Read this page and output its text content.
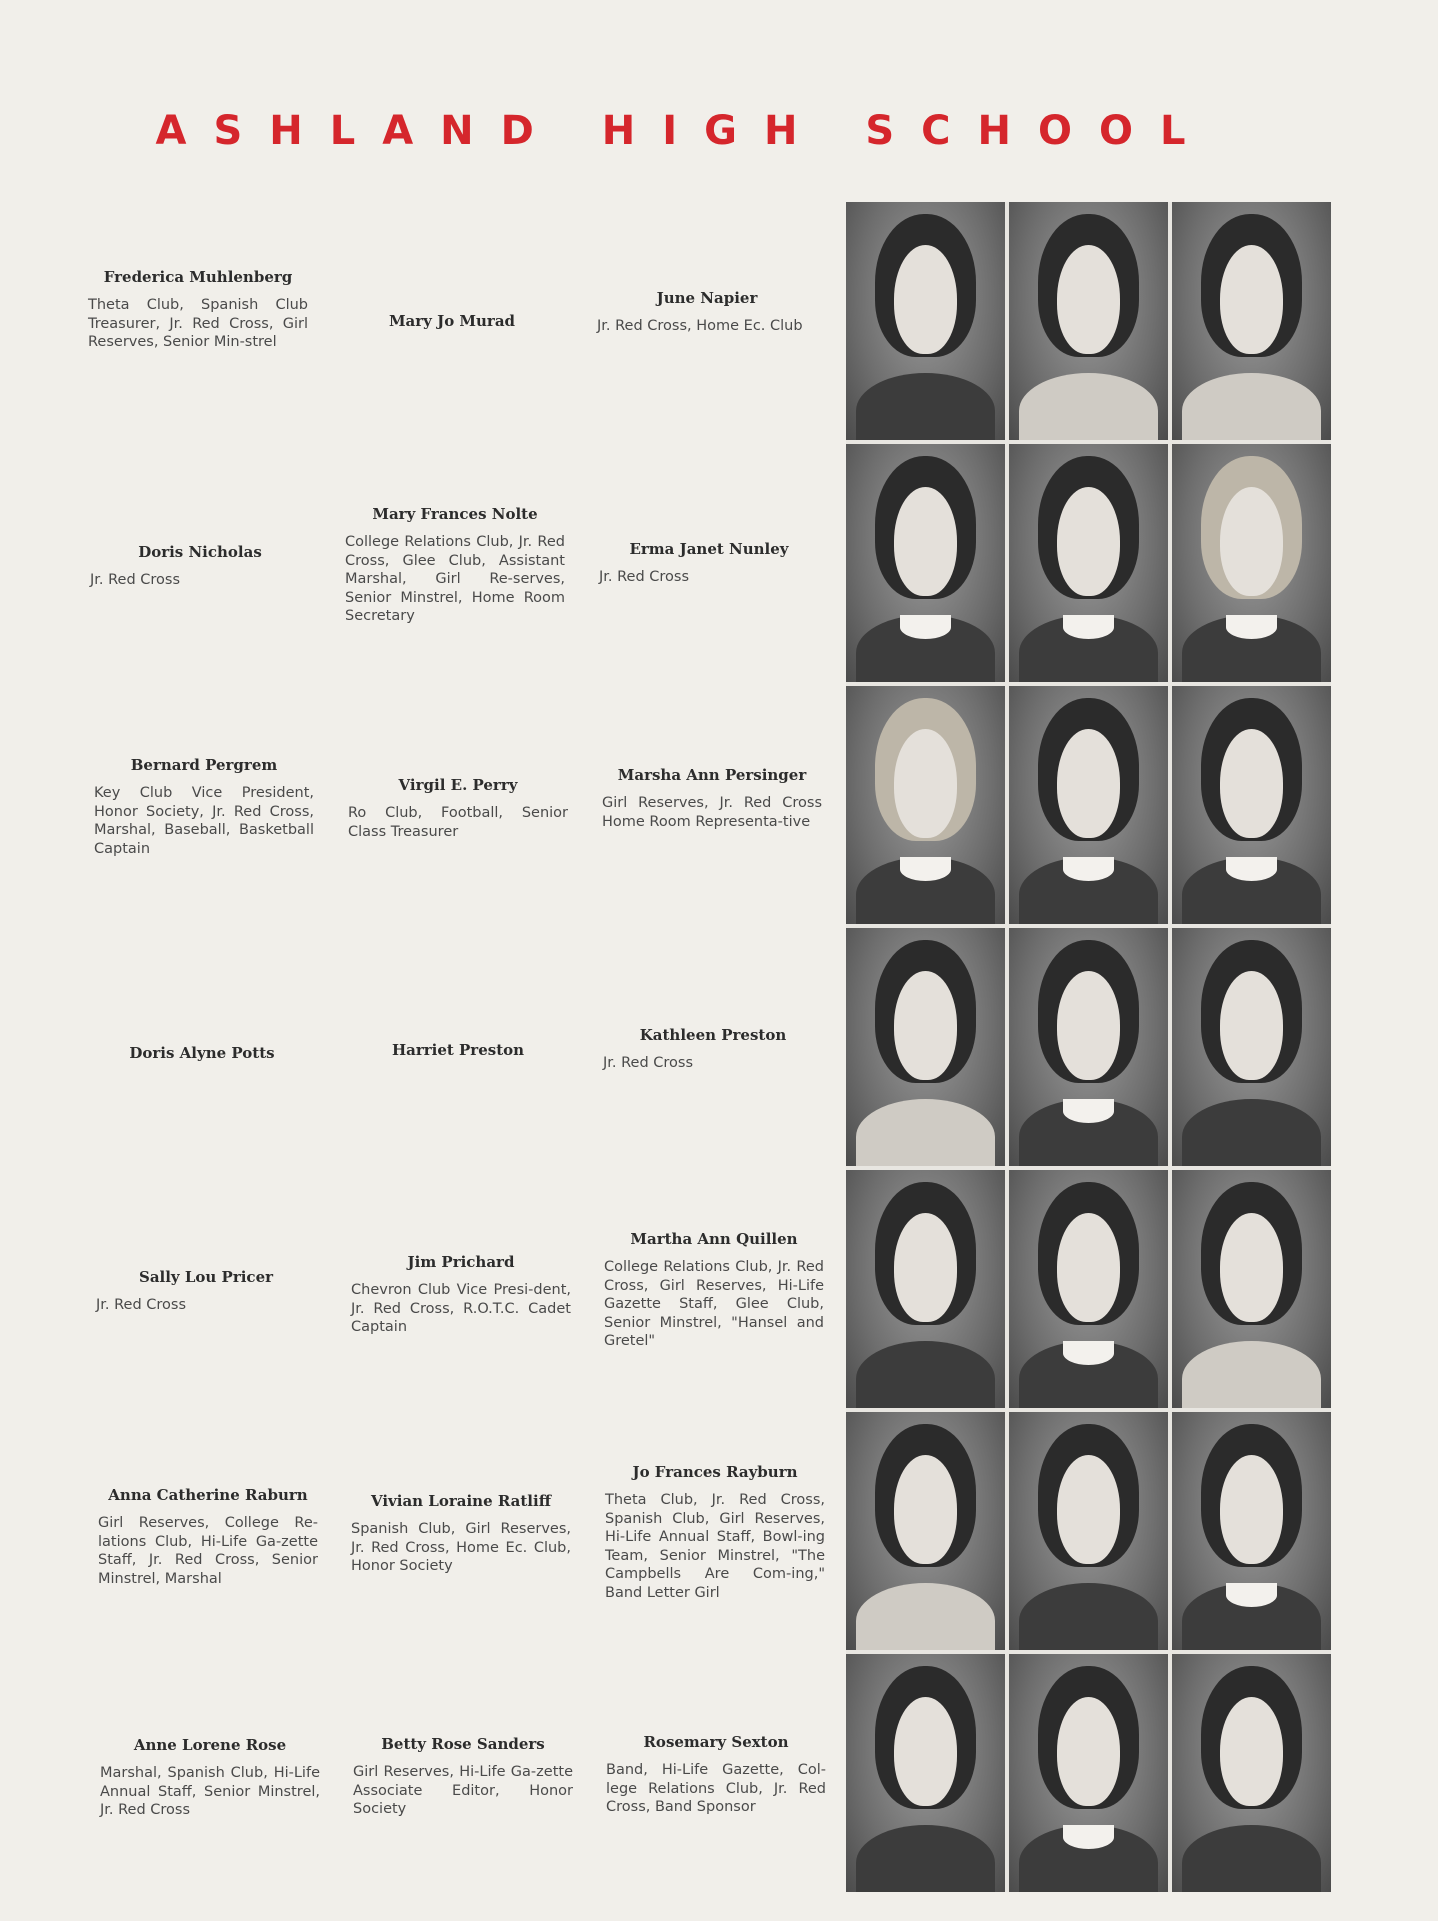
ASHLAND HIGH SCHOOL
Frederica Muhlenberg
Theta Club, Spanish Club Treasurer, Jr. Red Cross, Girl Reserves, Senior Min-strel
Mary Jo Murad
June Napier
Jr. Red Cross, Home Ec. Club
Doris Nicholas
Jr. Red Cross
Mary Frances Nolte
College Relations Club, Jr. Red Cross, Glee Club, Assistant Marshal, Girl Re-serves, Senior Minstrel, Home Room Secretary
Erma Janet Nunley
Jr. Red Cross
Bernard Pergrem
Key Club Vice President, Honor Society, Jr. Red Cross, Marshal, Baseball, Basketball Captain
Virgil E. Perry
Ro Club, Football, Senior Class Treasurer
Marsha Ann Persinger
Girl Reserves, Jr. Red Cross Home Room Representa-tive
Doris Alyne Potts	Harriet Preston
Kathleen Preston
Jr. Red Cross
Sally Lou Pricer
Jr. Red Cross
Jim Prichard
Chevron Club Vice Presi-dent, Jr. Red Cross, R.O.T.C. Cadet Captain
Martha Ann Quillen
College Relations Club, Jr. Red Cross, Girl Reserves, Hi-Life Gazette Staff, Glee Club, Senior Minstrel, "Hansel and Gretel"
Anna Catherine Raburn
Girl Reserves, College Re-lations Club, Hi-Life Ga-zette Staff, Jr. Red Cross, Senior Minstrel, Marshal
Vivian Loraine Ratliff
Spanish Club, Girl Reserves, Jr. Red Cross, Home Ec. Club, Honor Society
Jo Frances Rayburn
Theta Club, Jr. Red Cross, Spanish Club, Girl Reserves, Hi-Life Annual Staff, Bowl-ing Team, Senior Minstrel, "The Campbells Are Com-ing," Band Letter Girl
Anne Lorene Rose
Marshal, Spanish Club, Hi-Life Annual Staff, Senior Minstrel, Jr. Red Cross
Betty Rose Sanders
Girl Reserves, Hi-Life Ga-zette Associate Editor, Honor Society
Rosemary Sexton
Band, Hi-Life Gazette, Col-lege Relations Club, Jr. Red Cross, Band Sponsor
